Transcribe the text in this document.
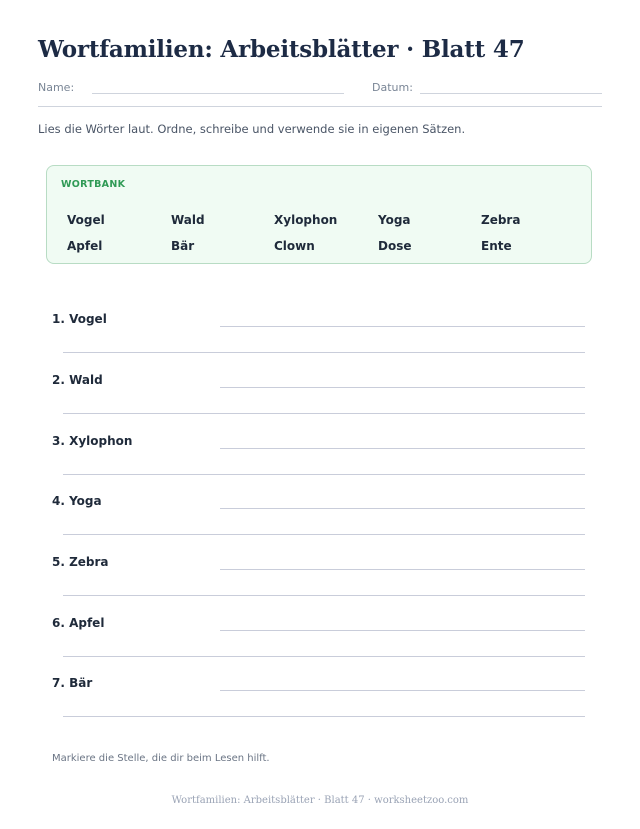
Wortfamilien: Arbeitsblätter · Blatt 47
Name:	Datum:
Lies die Wörter laut. Ordne, schreibe und verwende sie in eigenen Sätzen.
WORTBANK
Vogel	Wald	Xylophon	Yoga	Zebra
Apfel	Bär	Clown	Dose	Ente
1. Vogel
2. Wald
3. Xylophon
4. Yoga
5. Zebra
6. Apfel
7. Bär
Markiere die Stelle, die dir beim Lesen hilft.
Wortfamilien: Arbeitsblätter · Blatt 47 · worksheetzoo.com
